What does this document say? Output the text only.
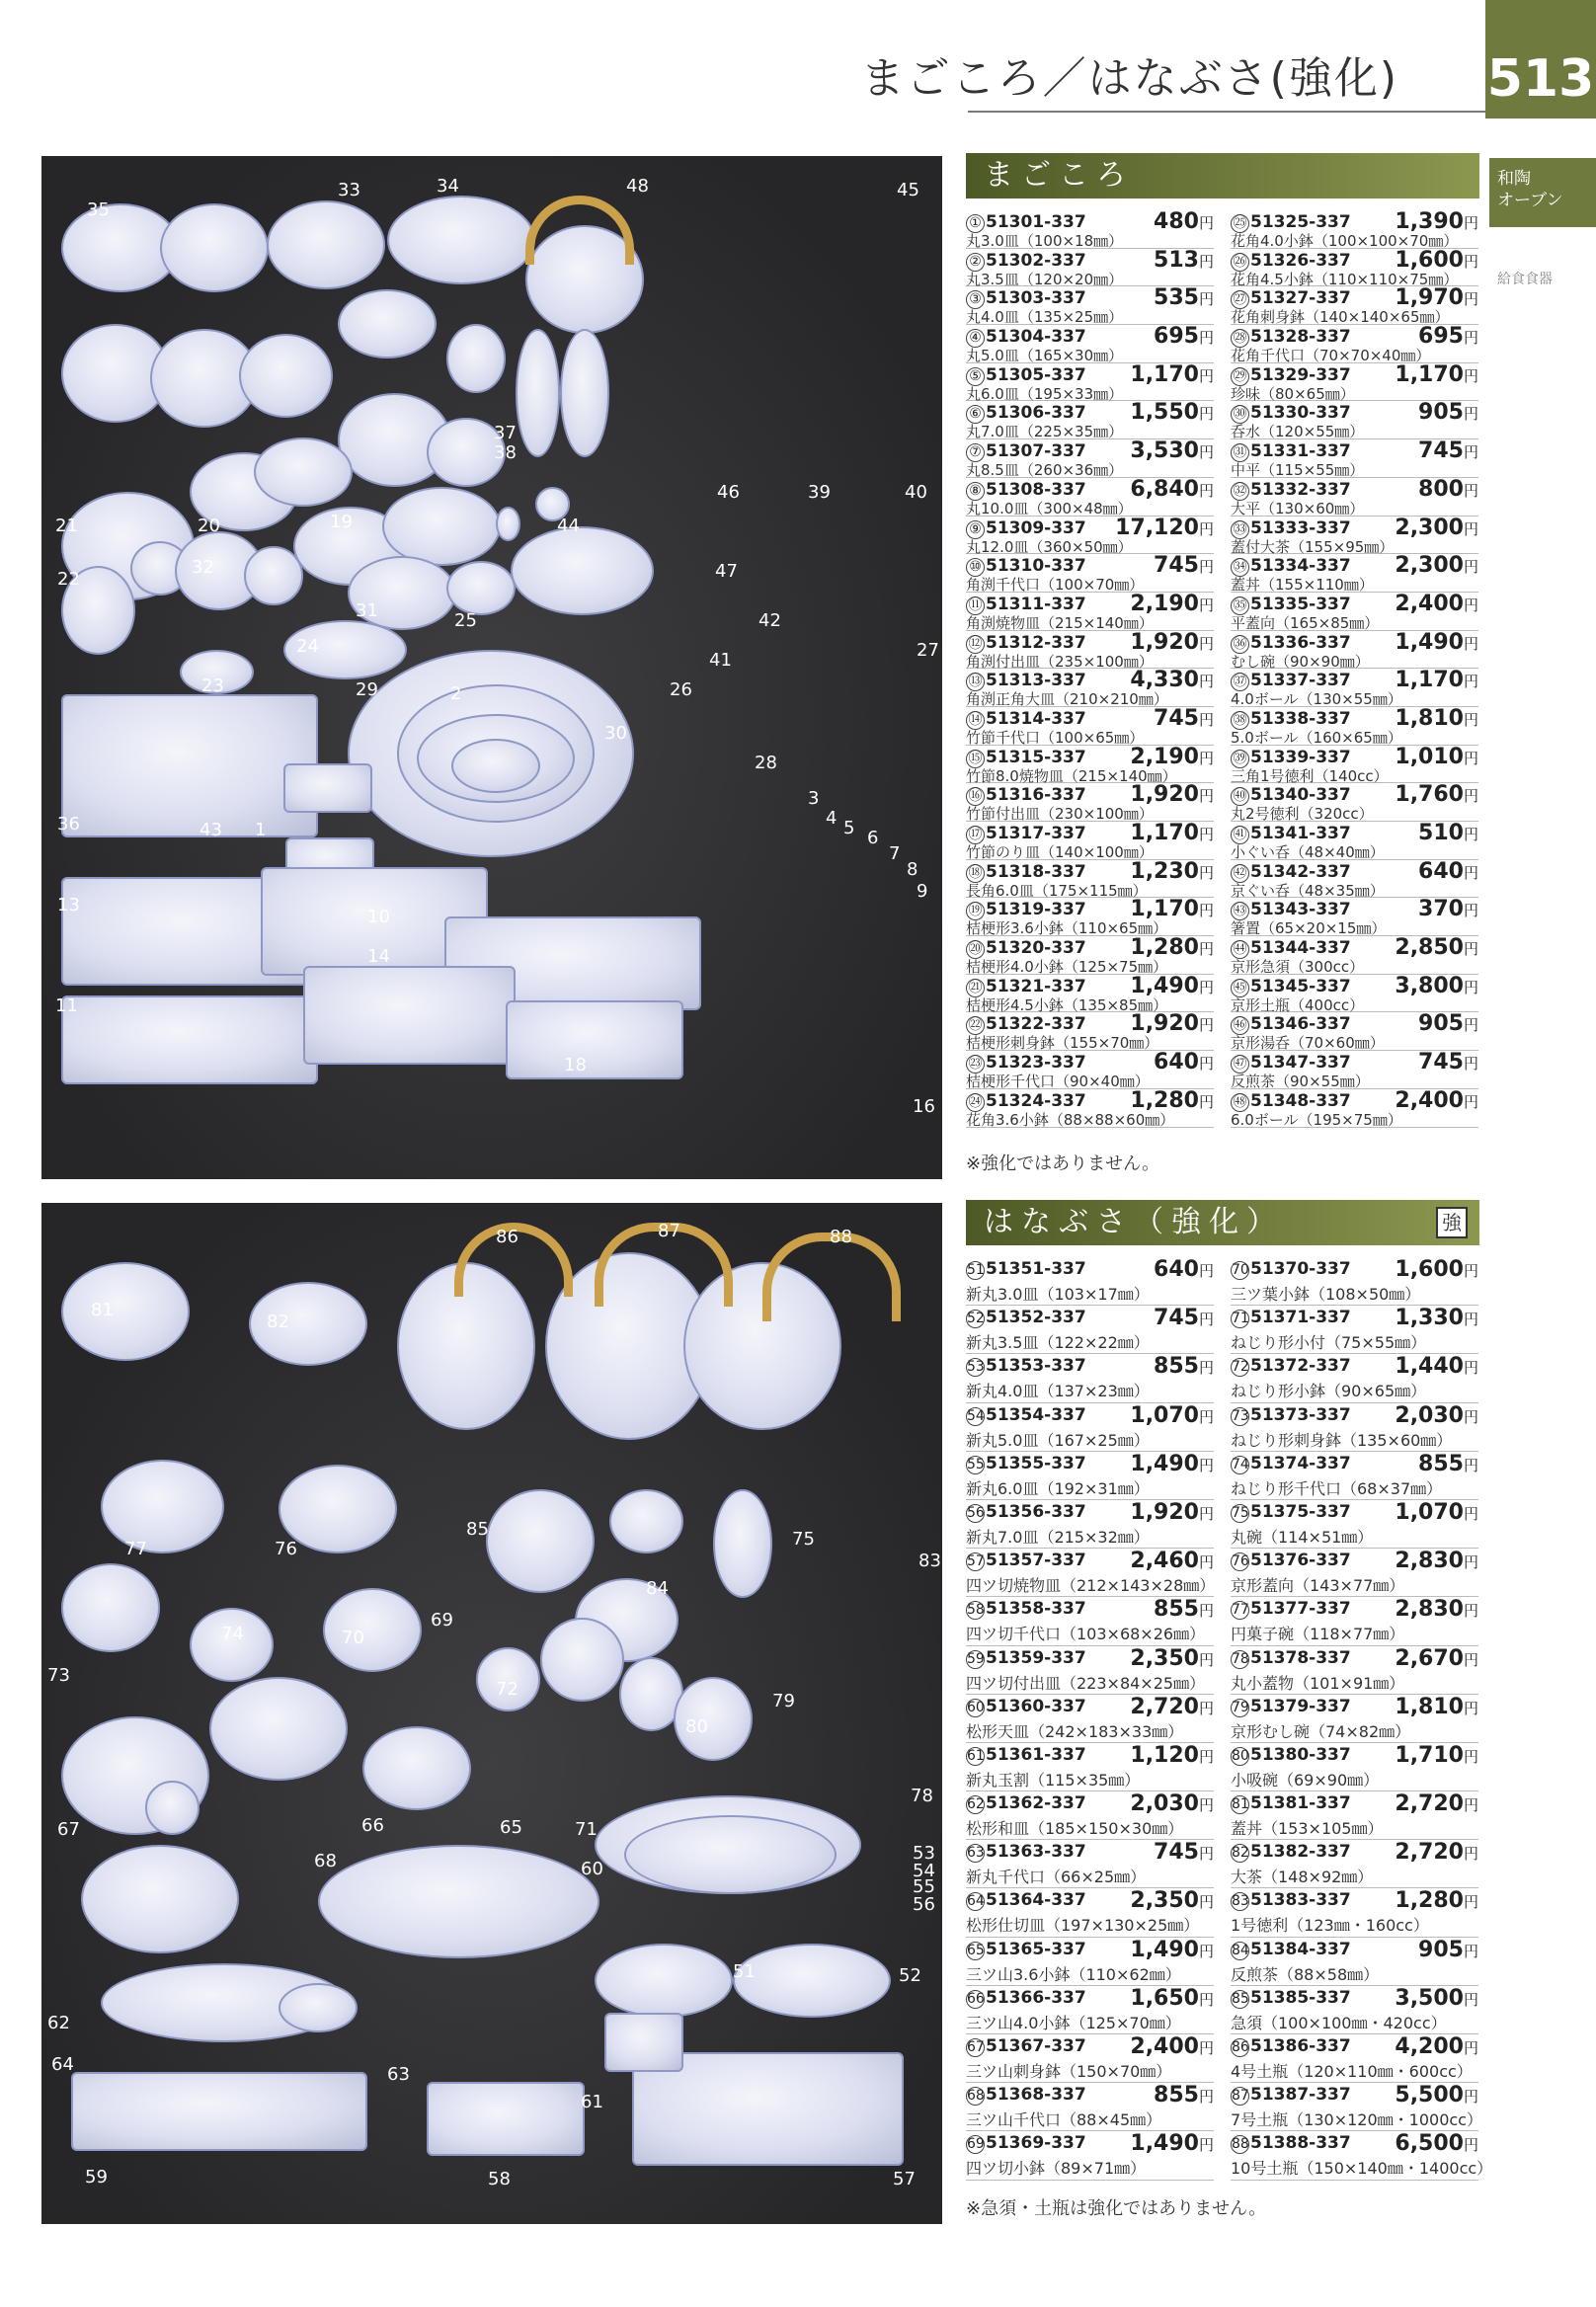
まごころ／はなぶさ(強化) 513
和陶
オーブン
給食食器
35
33	34	48	45
37
38
46	39	40
21	20	19	44
32
31
47
22
25	42
41	27
23
24
29	26
2
30
28
36	43 1
3
4 5 6
7
8
9
13
10
14
11
18
16
86	87	88
81
82
85	75
83
77	76
84
69
74	70
73
72
80
79
78
67	66	65	71
68	60
53
54
55
56
62
51	52
64	63
61
59	58	57
まごころ
① 51301-337	480円
丸3.0皿（100×18㎜）
② 51302-337	513円
丸3.5皿（120×20㎜）
③ 51303-337	535円
丸4.0皿（135×25㎜）
④ 51304-337	695円
丸5.0皿（165×30㎜）
⑤ 51305-337 1,170円
丸6.0皿（195×33㎜）
⑥ 51306-337 1,550円
丸7.0皿（225×35㎜）
⑦ 51307-337 3,530円
丸8.5皿（260×36㎜）
⑧ 51308-337 6,840円
丸10.0皿（300×48㎜）
⑨ 51309-337 17,120円
丸12.0皿（360×50㎜）
⑩ 51310-337	745円
角渕千代口（100×70㎜）
⑪ 51311-337 2,190円
角渕焼物皿（215×140㎜）
⑫ 51312-337 1,920円
角渕付出皿（235×100㎜）
⑬ 51313-337 4,330円
角渕正角大皿（210×210㎜）
⑭ 51314-337	745円
竹節千代口（100×65㎜）
⑮ 51315-337 2,190円
竹節8.0焼物皿（215×140㎜）
⑯ 51316-337 1,920円
竹節付出皿（230×100㎜）
⑰ 51317-337 1,170円
竹節のり皿（140×100㎜）
⑱ 51318-337 1,230円
長角6.0皿（175×115㎜）
⑲ 51319-337 1,170円
桔梗形3.6小鉢（110×65㎜）
⑳ 51320-337 1,280円
桔梗形4.0小鉢（125×75㎜）
㉑ 51321-337 1,490円
桔梗形4.5小鉢（135×85㎜）
㉒ 51322-337 1,920円
桔梗形刺身鉢（155×70㎜）
㉓ 51323-337	640円
桔梗形千代口（90×40㎜）
㉔ 51324-337 1,280円
花角3.6小鉢（88×88×60㎜）
㉕ 51325-337 1,390円
花角4.0小鉢（100×100×70㎜）
㉖ 51326-337 1,600円
花角4.5小鉢（110×110×75㎜）
㉗ 51327-337 1,970円
花角刺身鉢（140×140×65㎜）
㉘ 51328-337	695円
花角千代口（70×70×40㎜）
㉙ 51329-337 1,170円
珍味（80×65㎜）
㉚ 51330-337	905円
呑水（120×55㎜）
㉛ 51331-337	745円
中平（115×55㎜）
㉜ 51332-337	800円
大平（130×60㎜）
㉝ 51333-337 2,300円
蓋付大茶（155×95㎜）
㉞ 51334-337 2,300円
蓋丼（155×110㎜）
㉟ 51335-337 2,400円
平蓋向（165×85㎜）
㊱ 51336-337 1,490円
むし碗（90×90㎜）
㊲ 51337-337 1,170円
4.0ボール（130×55㎜）
㊳ 51338-337 1,810円
5.0ボール（160×65㎜）
㊴ 51339-337 1,010円
三角1号徳利（140cc）
㊵ 51340-337 1,760円
丸2号徳利（320cc）
㊶ 51341-337	510円
小ぐい呑（48×40㎜）
㊷ 51342-337	640円
京ぐい呑（48×35㎜）
㊸ 51343-337	370円
箸置（65×20×15㎜）
㊹ 51344-337 2,850円
京形急須（300cc）
㊺ 51345-337 3,800円
京形土瓶（400cc）
㊻ 51346-337	905円
京形湯呑（70×60㎜）
㊼ 51347-337	745円
反煎茶（90×55㎜）
㊽ 51348-337 2,400円
6.0ボール（195×75㎜）
※強化ではありません。
はなぶさ（強化）	強
5151351-337	640円
新丸3.0皿（103×17㎜）
5251352-337	745円
新丸3.5皿（122×22㎜）
5351353-337	855円
新丸4.0皿（137×23㎜）
5451354-337 1,070円
新丸5.0皿（167×25㎜）
5551355-337 1,490円
新丸6.0皿（192×31㎜）
5651356-337 1,920円
新丸7.0皿（215×32㎜）
5751357-337 2,460円
四ツ切焼物皿（212×143×28㎜）
5851358-337	855円
四ツ切千代口（103×68×26㎜）
5951359-337 2,350円
四ツ切付出皿（223×84×25㎜）
6051360-337 2,720円
松形天皿（242×183×33㎜）
6151361-337 1,120円
新丸玉割（115×35㎜）
6251362-337 2,030円
松形和皿（185×150×30㎜）
6351363-337	745円
新丸千代口（66×25㎜）
6451364-337 2,350円
松形仕切皿（197×130×25㎜）
6551365-337 1,490円
三ツ山3.6小鉢（110×62㎜）
6651366-337 1,650円
三ツ山4.0小鉢（125×70㎜）
6751367-337 2,400円
三ツ山刺身鉢（150×70㎜）
6851368-337	855円
三ツ山千代口（88×45㎜）
6951369-337 1,490円
四ツ切小鉢（89×71㎜）
7051370-337 1,600円
三ツ葉小鉢（108×50㎜）
7151371-337 1,330円
ねじり形小付（75×55㎜）
7251372-337 1,440円
ねじり形小鉢（90×65㎜）
7351373-337 2,030円
ねじり形刺身鉢（135×60㎜）
7451374-337	855円
ねじり形千代口（68×37㎜）
7551375-337 1,070円
丸碗（114×51㎜）
7651376-337 2,830円
京形蓋向（143×77㎜）
7751377-337 2,830円
円菓子碗（118×77㎜）
7851378-337 2,670円
丸小蓋物（101×91㎜）
7951379-337 1,810円
京形むし碗（74×82㎜）
8051380-337 1,710円
小吸碗（69×90㎜）
8151381-337 2,720円
蓋丼（153×105㎜）
8251382-337 2,720円
大茶（148×92㎜）
8351383-337 1,280円
1号徳利（123㎜・160cc）
8451384-337	905円
反煎茶（88×58㎜）
8551385-337 3,500円
急須（100×100㎜・420cc）
8651386-337 4,200円
4号土瓶（120×110㎜・600cc）
8751387-337 5,500円
7号土瓶（130×120㎜・1000cc）
8851388-337 6,500円
10号土瓶（150×140㎜・1400cc）
※急須・土瓶は強化ではありません。
